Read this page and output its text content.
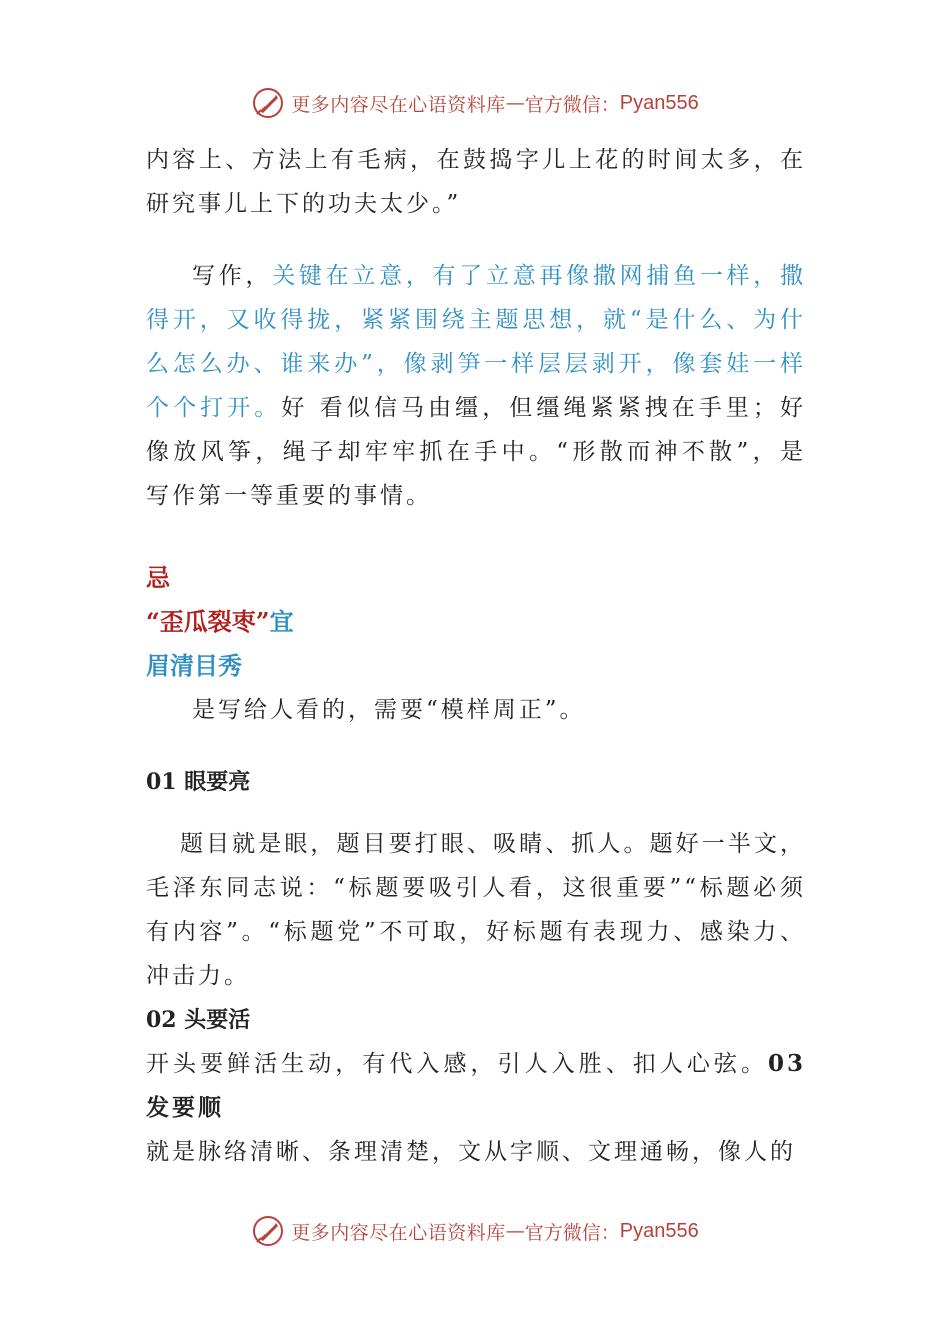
更多内容尽在心语资料库 — 官方微信： Pyan556

内容上、方法上有毛病，在鼓捣字儿上花的时间太多，在研究事儿上下的功夫太少。”

写作，关键在立意，有了立意再像撒网捕鱼一样，撒得开，又收得拢，紧紧围绕主题思想，就“是什么、为什么怎么办、谁来办”，像剥笋一样层层剥开，像套娃一样个个打开。好 看似信马由缰，但缰绳紧紧拽在手里；好像放风筝，绳子却牢牢抓在手中。“形散而神不散”，是 写作第一等重要的事情。

忌

“歪瓜裂枣”宜

眉清目秀

是写给人看的，需要“模样周正”。

01 眼要亮

题目就是眼，题目要打眼、吸睛、抓人。题好一半文，毛泽东同志说：“标题要吸引人看，这很重要”“标题必须有内容”。“标题党”不可取，好标题有表现力、感染力、冲击力。

02 头要活

开头要鲜活生动，有代入感，引人入胜、扣人心弦。03 发要顺

就是脉络清晰、条理清楚，文从字顺、文理通畅，像人的

更多内容尽在心语资料库 — 官方微信： Pyan556
